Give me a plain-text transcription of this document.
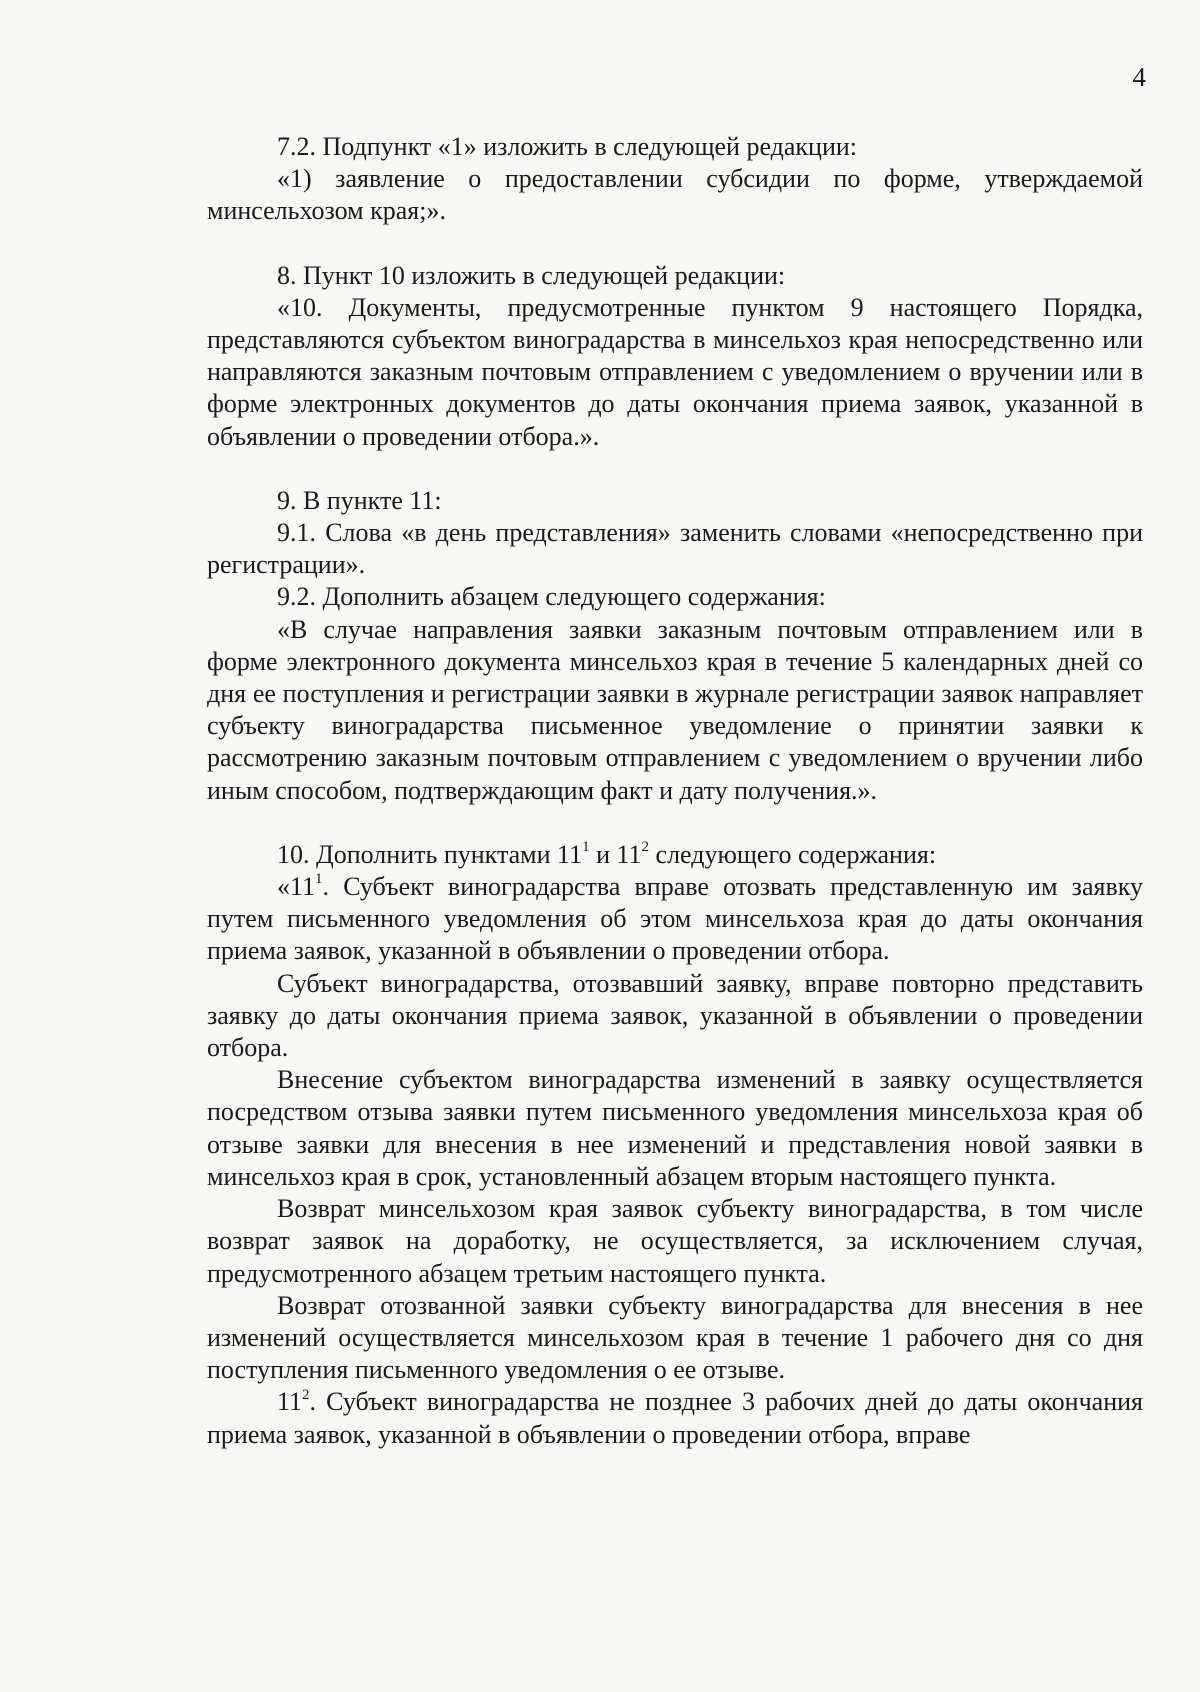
4

7.2. Подпункт «1» изложить в следующей редакции:

«1) заявление о предоставлении субсидии по форме, утверждаемой минсельхозом края;».

8. Пункт 10 изложить в следующей редакции:

«10. Документы, предусмотренные пунктом 9 настоящего Порядка, представляются субъектом виноградарства в минсельхоз края непосредственно или направляются заказным почтовым отправлением с уведомлением о вручении или в форме электронных документов до даты окончания приема заявок, указанной в объявлении о проведении отбора.».

9. В пункте 11:

9.1. Слова «в день представления» заменить словами «непосредственно при регистрации».

9.2. Дополнить абзацем следующего содержания:

«В случае направления заявки заказным почтовым отправлением или в форме электронного документа минсельхоз края в течение 5 календарных дней со дня ее поступления и регистрации заявки в журнале регистрации заявок направляет субъекту виноградарства письменное уведомление о принятии заявки к рассмотрению заказным почтовым отправлением с уведомлением о вручении либо иным способом, подтверждающим факт и дату получения.».

10. Дополнить пунктами $11^1$ и $11^2$ следующего содержания:

«$11^1$. Субъект виноградарства вправе отозвать представленную им заявку путем письменного уведомления об этом минсельхоза края до даты окончания приема заявок, указанной в объявлении о проведении отбора.

Субъект виноградарства, отозвавший заявку, вправе повторно представить заявку до даты окончания приема заявок, указанной в объявлении о проведении отбора.

Внесение субъектом виноградарства изменений в заявку осуществляется посредством отзыва заявки путем письменного уведомления минсельхоза края об отзыве заявки для внесения в нее изменений и представления новой заявки в минсельхоз края в срок, установленный абзацем вторым настоящего пункта.

Возврат минсельхозом края заявок субъекту виноградарства, в том числе возврат заявок на доработку, не осуществляется, за исключением случая, предусмотренного абзацем третьим настоящего пункта.

Возврат отозванной заявки субъекту виноградарства для внесения в нее изменений осуществляется минсельхозом края в течение 1 рабочего дня со дня поступления письменного уведомления о ее отзыве.

$11^2$. Субъект виноградарства не позднее 3 рабочих дней до даты окончания приема заявок, указанной в объявлении о проведении отбора, вправе
